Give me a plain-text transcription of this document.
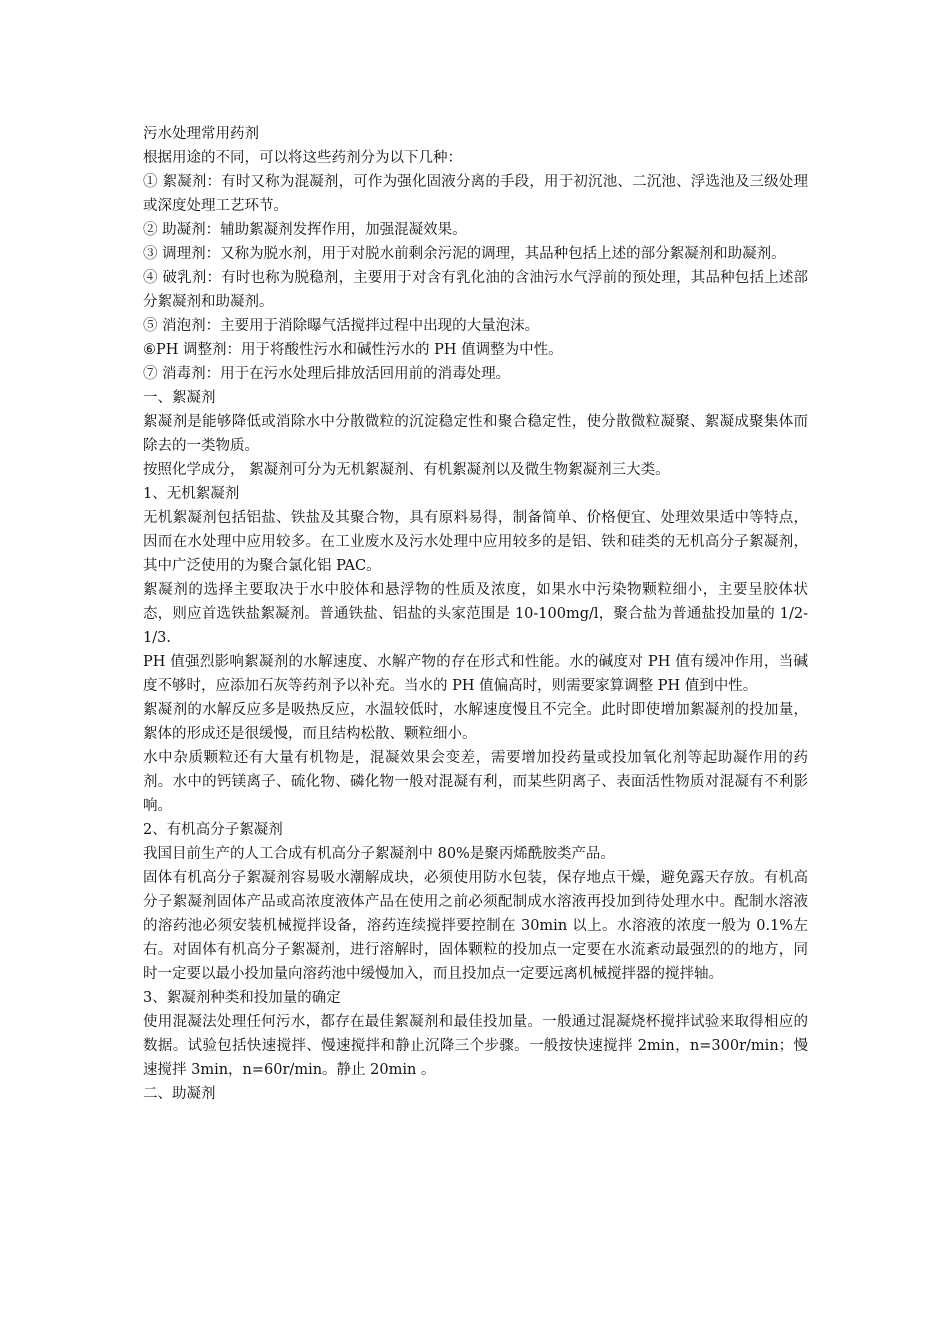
污水处理常用药剂

根据用途的不同，可以将这些药剂分为以下几种：

① 絮凝剂：有时又称为混凝剂，可作为强化固液分离的手段，用于初沉池、二沉池、浮选池及三级处理或深度处理工艺环节。

② 助凝剂：辅助絮凝剂发挥作用，加强混凝效果。

③ 调理剂：又称为脱水剂，用于对脱水前剩余污泥的调理，其品种包括上述的部分絮凝剂和助凝剂。

④ 破乳剂：有时也称为脱稳剂，主要用于对含有乳化油的含油污水气浮前的预处理，其品种包括上述部分絮凝剂和助凝剂。

⑤ 消泡剂：主要用于消除曝气活搅拌过程中出现的大量泡沫。

⑥PH 调整剂：用于将酸性污水和碱性污水的 PH 值调整为中性。

⑦ 消毒剂：用于在污水处理后排放活回用前的消毒处理。

一、絮凝剂

絮凝剂是能够降低或消除水中分散微粒的沉淀稳定性和聚合稳定性，使分散微粒凝聚、絮凝成聚集体而除去的一类物质。

按照化学成分， 絮凝剂可分为无机絮凝剂、有机絮凝剂以及微生物絮凝剂三大类。

1、无机絮凝剂

无机絮凝剂包括铝盐、铁盐及其聚合物，具有原料易得，制备简单、价格便宜、处理效果适中等特点，因而在水处理中应用较多。在工业废水及污水处理中应用较多的是铝、铁和硅类的无机高分子絮凝剂，其中广泛使用的为聚合氯化铝 PAC。

絮凝剂的选择主要取决于水中胶体和悬浮物的性质及浓度，如果水中污染物颗粒细小，主要呈胶体状态，则应首选铁盐絮凝剂。普通铁盐、铝盐的头家范围是 10-100mg/l，聚合盐为普通盐投加量的 1/2-1/3.

PH 值强烈影响絮凝剂的水解速度、水解产物的存在形式和性能。水的碱度对 PH 值有缓冲作用，当碱度不够时，应添加石灰等药剂予以补充。当水的 PH 值偏高时，则需要家算调整 PH 值到中性。

絮凝剂的水解反应多是吸热反应，水温较低时，水解速度慢且不完全。此时即使增加絮凝剂的投加量，絮体的形成还是很缓慢，而且结构松散、颗粒细小。

水中杂质颗粒还有大量有机物是，混凝效果会变差，需要增加投药量或投加氧化剂等起助凝作用的药剂。水中的钙镁离子、硫化物、磷化物一般对混凝有利，而某些阴离子、表面活性物质对混凝有不利影响。

2、有机高分子絮凝剂

我国目前生产的人工合成有机高分子絮凝剂中 80%是聚丙烯酰胺类产品。

固体有机高分子絮凝剂容易吸水潮解成块，必须使用防水包装，保存地点干燥，避免露天存放。有机高分子絮凝剂固体产品或高浓度液体产品在使用之前必须配制成水溶液再投加到待处理水中。配制水溶液的溶药池必须安装机械搅拌设备，溶药连续搅拌要控制在 30min 以上。水溶液的浓度一般为 0.1%左右。对固体有机高分子絮凝剂，进行溶解时，固体颗粒的投加点一定要在水流紊动最强烈的的地方，同时一定要以最小投加量向溶药池中缓慢加入，而且投加点一定要远离机械搅拌器的搅拌轴。

3、絮凝剂种类和投加量的确定

使用混凝法处理任何污水，都存在最佳絮凝剂和最佳投加量。一般通过混凝烧杯搅拌试验来取得相应的数据。试验包括快速搅拌、慢速搅拌和静止沉降三个步骤。一般按快速搅拌 2min，n=300r/min；慢速搅拌 3min，n=60r/min。静止 20min 。

二、助凝剂
